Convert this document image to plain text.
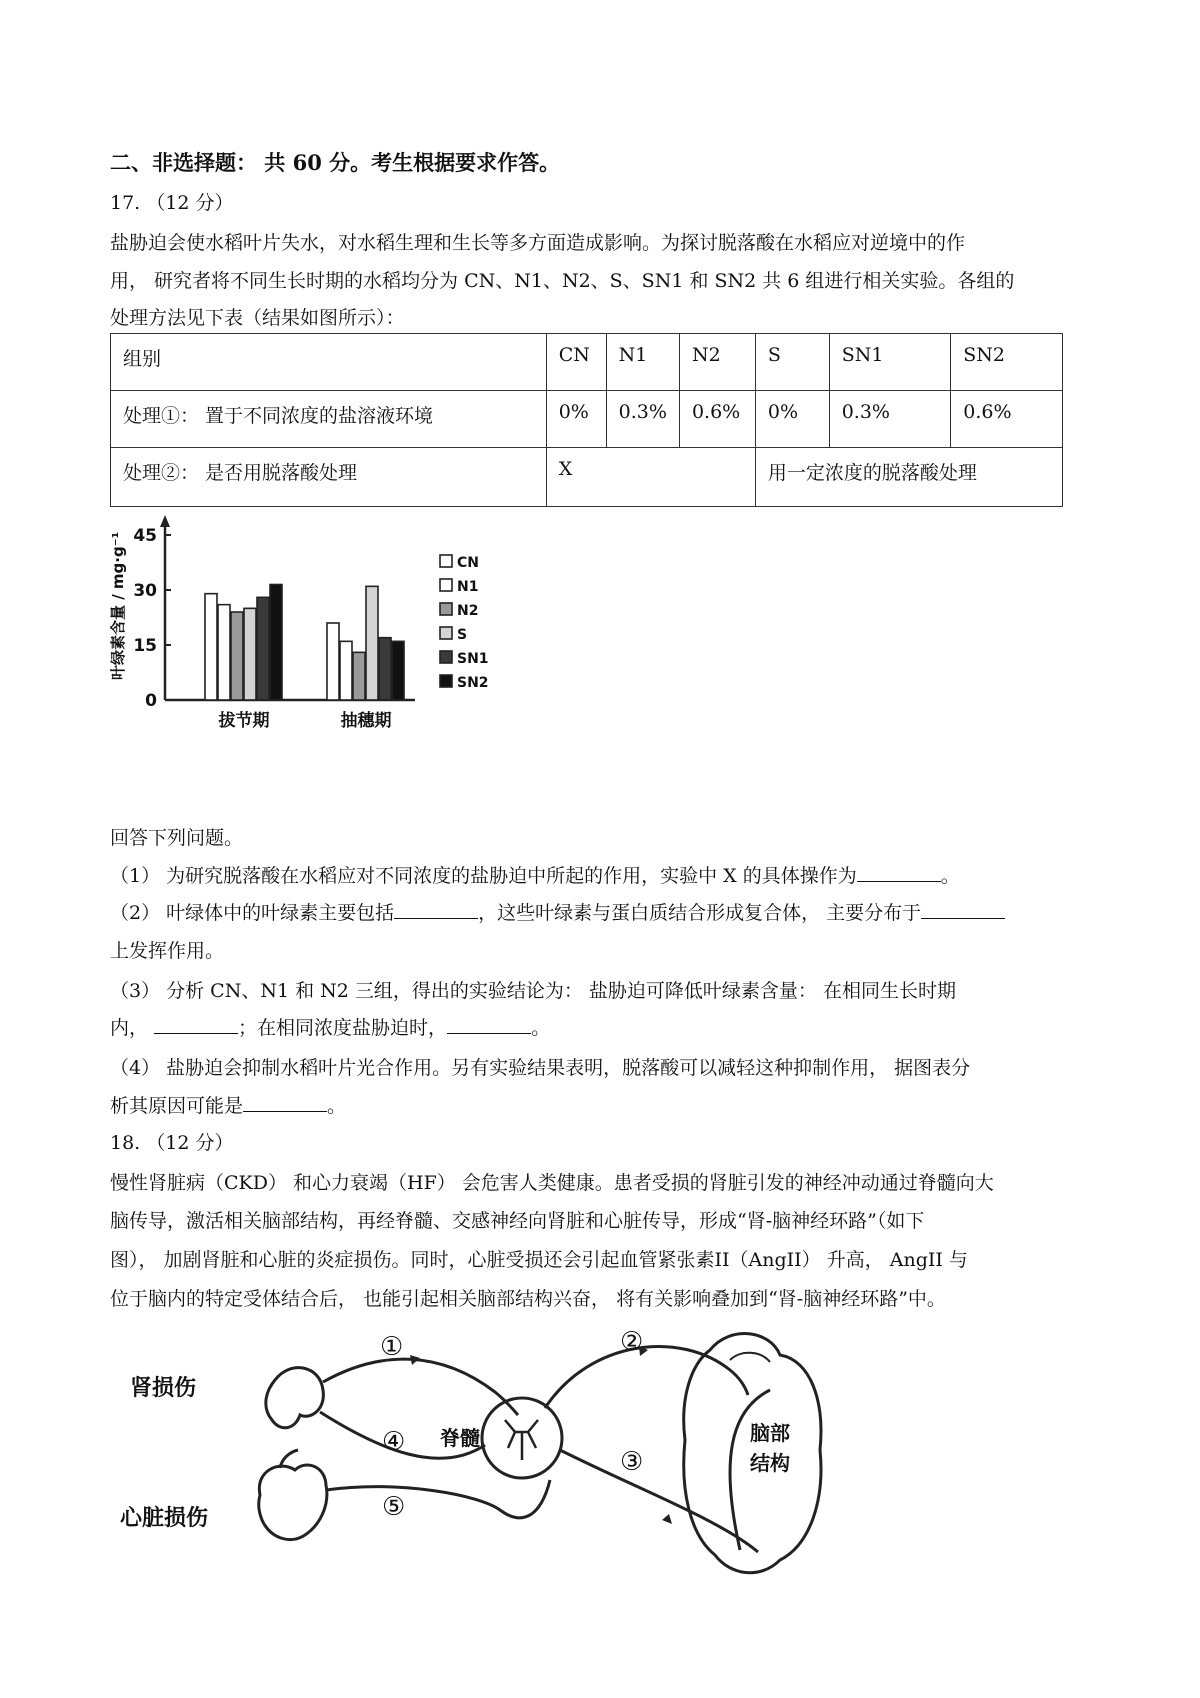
二、非选择题： 共 60 分。考生根据要求作答。
17. （12 分）
盐胁迫会使水稻叶片失水，对水稻生理和生长等多方面造成影响。为探讨脱落酸在水稻应对逆境中的作
用， 研究者将不同生长时期的水稻均分为 CN、N1、N2、S、SN1 和 SN2 共 6 组进行相关实验。各组的
处理方法见下表（结果如图所示）：
组别	CN	N1	N2	S	SN1	SN2
处理①： 置于不同浓度的盐溶液环境	0%	0.3%	0.6%	0%	0.3%	0.6%
处理②： 是否用脱落酸处理	X			用一定浓度的脱落酸处理		
0
15
30
45
叶绿素含量 / mg·g⁻¹
拔节期	抽穗期
CN
N1
N2
S
SN1
SN2
回答下列问题。
（1） 为研究脱落酸在水稻应对不同浓度的盐胁迫中所起的作用，实验中 X 的具体操作为	。
（2） 叶绿体中的叶绿素主要包括	，这些叶绿素与蛋白质结合形成复合体， 主要分布于
上发挥作用。
（3） 分析 CN、N1 和 N2 三组，得出的实验结论为： 盐胁迫可降低叶绿素含量： 在相同生长时期
内，	；在相同浓度盐胁迫时，	。
（4） 盐胁迫会抑制水稻叶片光合作用。另有实验结果表明，脱落酸可以减轻这种抑制作用， 据图表分
析其原因可能是	。
18. （12 分）
慢性肾脏病（CKD） 和心力衰竭（HF） 会危害人类健康。患者受损的肾脏引发的神经冲动通过脊髓向大
脑传导，激活相关脑部结构，再经脊髓、交感神经向肾脏和心脏传导，形成“肾-脑神经环路”（如下
图）， 加剧肾脏和心脏的炎症损伤。同时，心脏受损还会引起血管紧张素II（AngII） 升高， AngII 与
位于脑内的特定受体结合后， 也能引起相关脑部结构兴奋， 将有关影响叠加到“肾-脑神经环路”中。
肾损伤
心脏损伤
脊髓	脑部
结构
①	②
③
④
⑤
